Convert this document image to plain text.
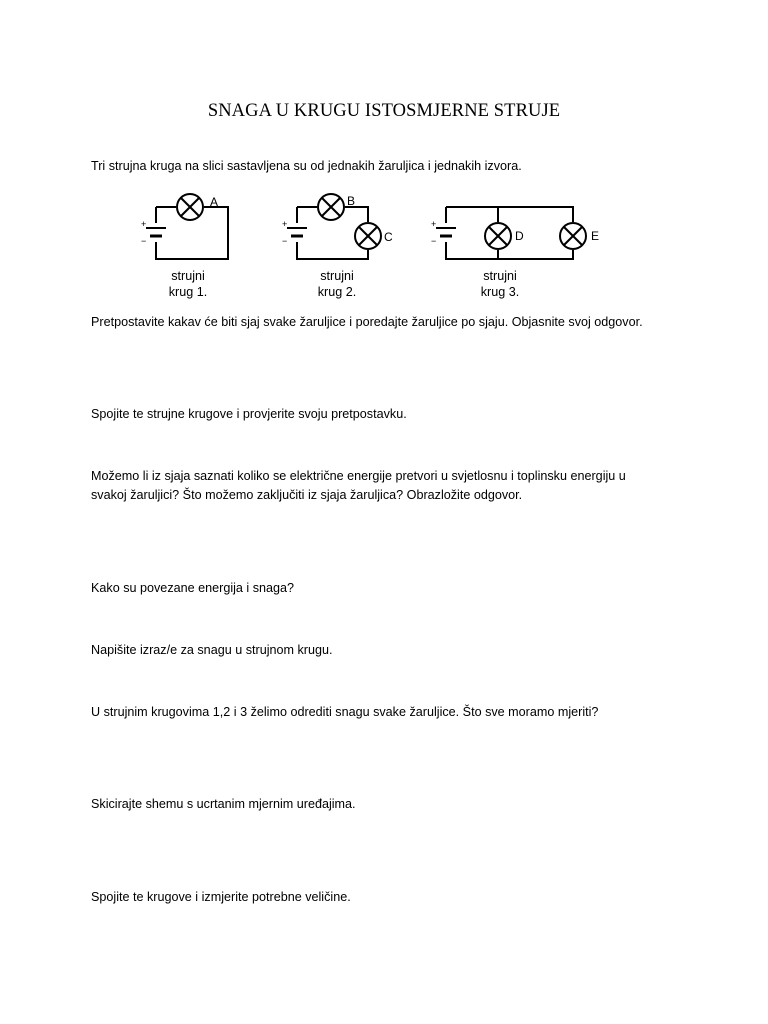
SNAGA U KRUGU ISTOSMJERNE STRUJE

Tri strujna kruga na slici sastavljena su od jednakih žaruljica i jednakih izvora.

A	B
C	D	E
+
−
+
−
+
−
strujni
krug 1.
strujni
krug 2.
strujni
krug 3.

Pretpostavite kakav će biti sjaj svake žaruljice i poredajte žaruljice po sjaju. Objasnite svoj odgovor.

Spojite te strujne krugove i provjerite svoju pretpostavku.

Možemo li iz sjaja saznati koliko se električne energije pretvori u svjetlosnu i toplinsku energiju u

svakoj žaruljici? Što možemo zaključiti iz sjaja žaruljica? Obrazložite odgovor.

Kako su povezane energija i snaga?

Napišite izraz/e za snagu u strujnom krugu.

U strujnim krugovima 1,2 i 3 želimo odrediti snagu svake žaruljice. Što sve moramo mjeriti?

Skicirajte shemu s ucrtanim mjernim uređajima.

Spojite te krugove i izmjerite potrebne veličine.
